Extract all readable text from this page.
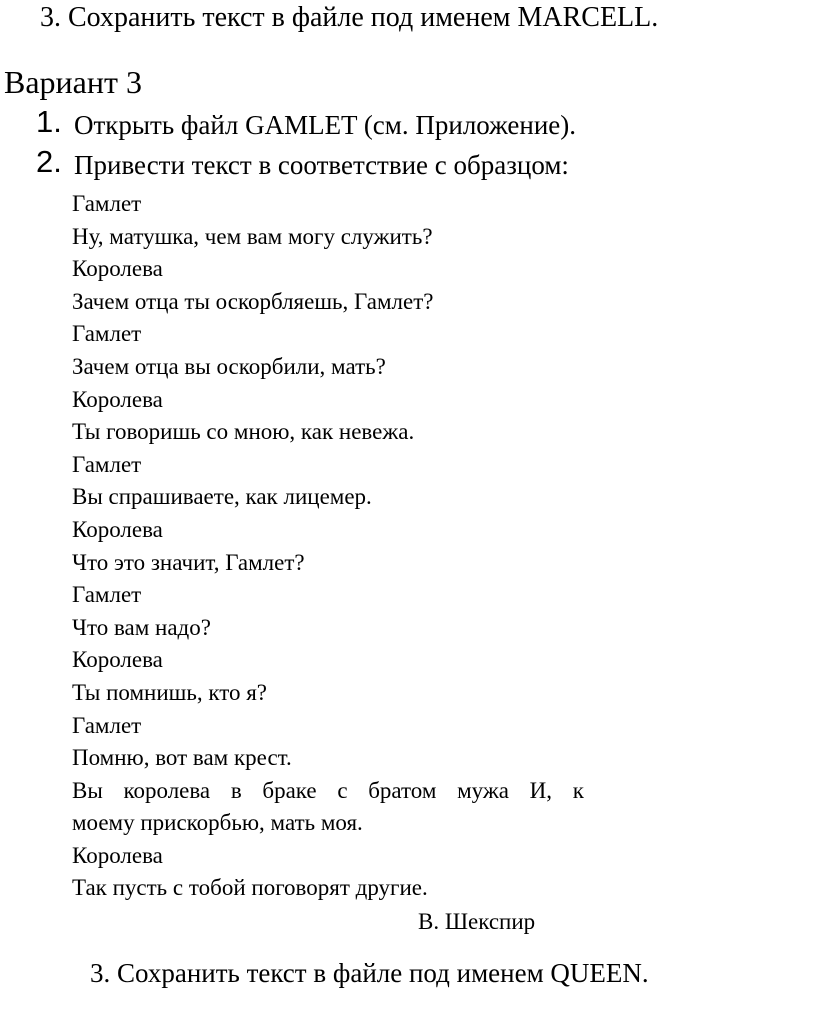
3. Сохранить текст в файле под именем MARCELL.
Вариант 3
1. Открыть файл GAMLET (см. Приложение).
2. Привести текст в соответствие с образцом:
Гамлет
Ну, матушка, чем вам могу служить?
Королева
Зачем отца ты оскорбляешь, Гамлет?
Гамлет
Зачем отца вы оскорбили, мать?
Королева
Ты говоришь со мною, как невежа.
Гамлет
Вы спрашиваете, как лицемер.
Королева
Что это значит, Гамлет?
Гамлет
Что вам надо?
Королева
Ты помнишь, кто я?
Гамлет
Помню, вот вам крест.
Вы королева в браке с братом мужа И, к
моему прискорбью, мать моя.
Королева
Так пусть с тобой поговорят другие.
В. Шекспир
3. Сохранить текст в файле под именем QUEEN.
